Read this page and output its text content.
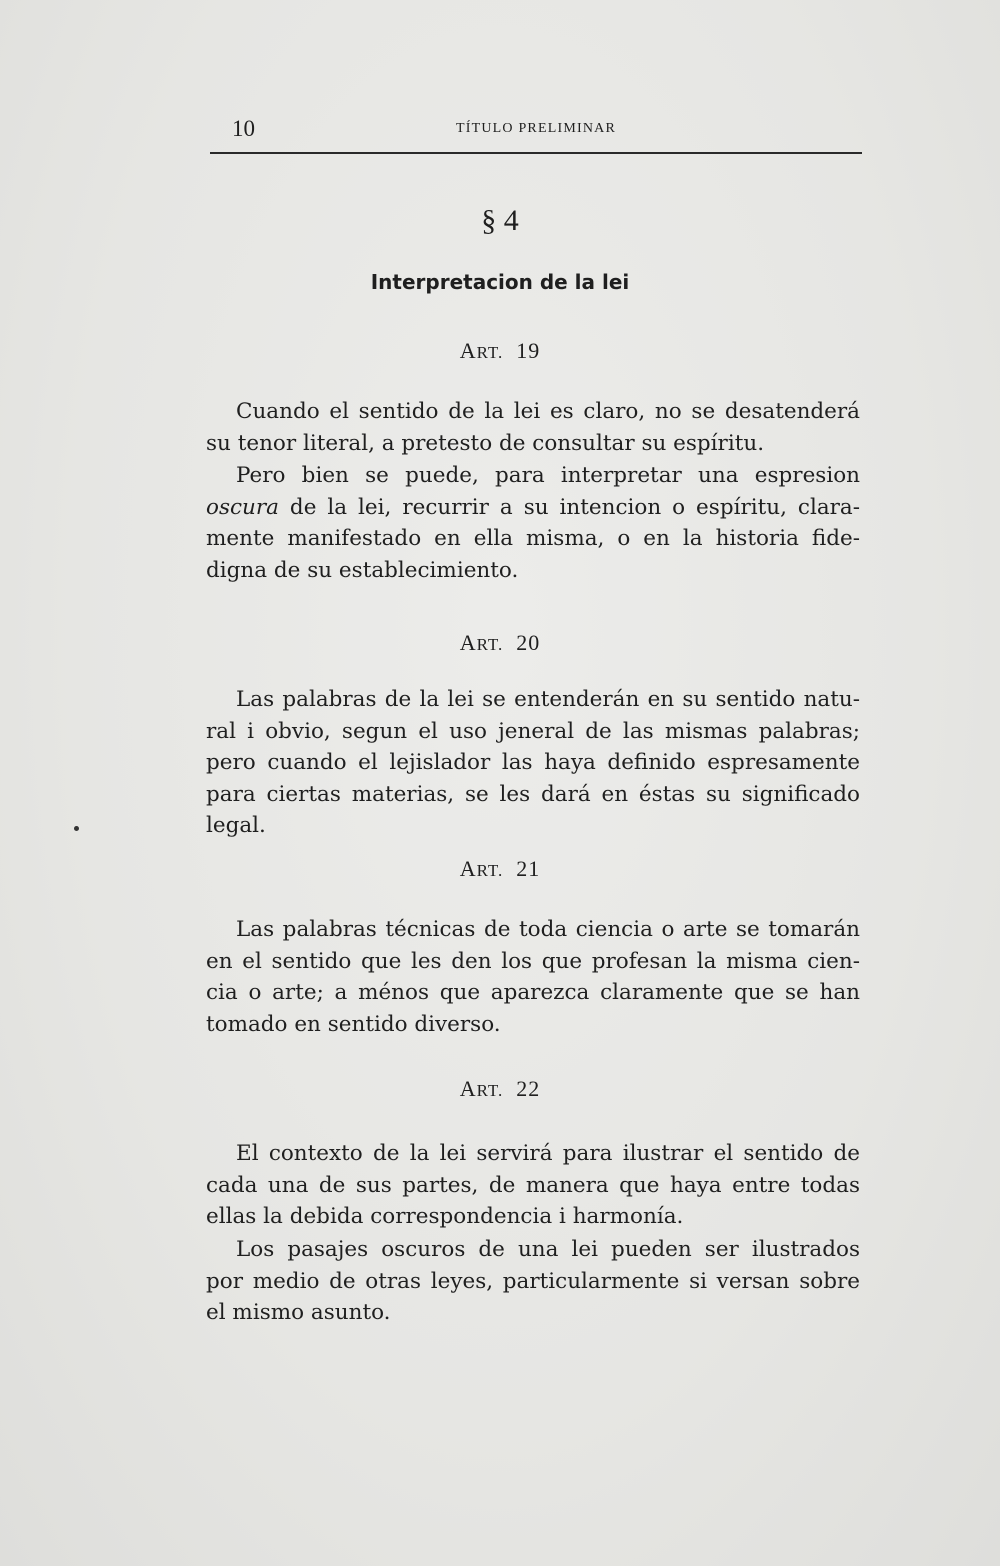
10	TÍTULO PRELIMINAR
§ 4
Interpretacion de la lei
ART. 19
Cuando el sentido de la lei es claro, no se desatenderá
su tenor literal, a pretesto de consultar su espíritu.
Pero bien se puede, para interpretar una espresion
oscura de la lei, recurrir a su intencion o espíritu, clara-
mente manifestado en ella misma, o en la historia fide-
digna de su establecimiento.
ART. 20
Las palabras de la lei se entenderán en su sentido natu-
ral i obvio, segun el uso jeneral de las mismas palabras;
pero cuando el lejislador las haya definido espresamente
para ciertas materias, se les dará en éstas su significado
legal.
ART. 21
Las palabras técnicas de toda ciencia o arte se tomarán
en el sentido que les den los que profesan la misma cien-
cia o arte; a ménos que aparezca claramente que se han
tomado en sentido diverso.
ART. 22
El contexto de la lei servirá para ilustrar el sentido de
cada una de sus partes, de manera que haya entre todas
ellas la debida correspondencia i harmonía.
Los pasajes oscuros de una lei pueden ser ilustrados
por medio de otras leyes, particularmente si versan sobre
el mismo asunto.
